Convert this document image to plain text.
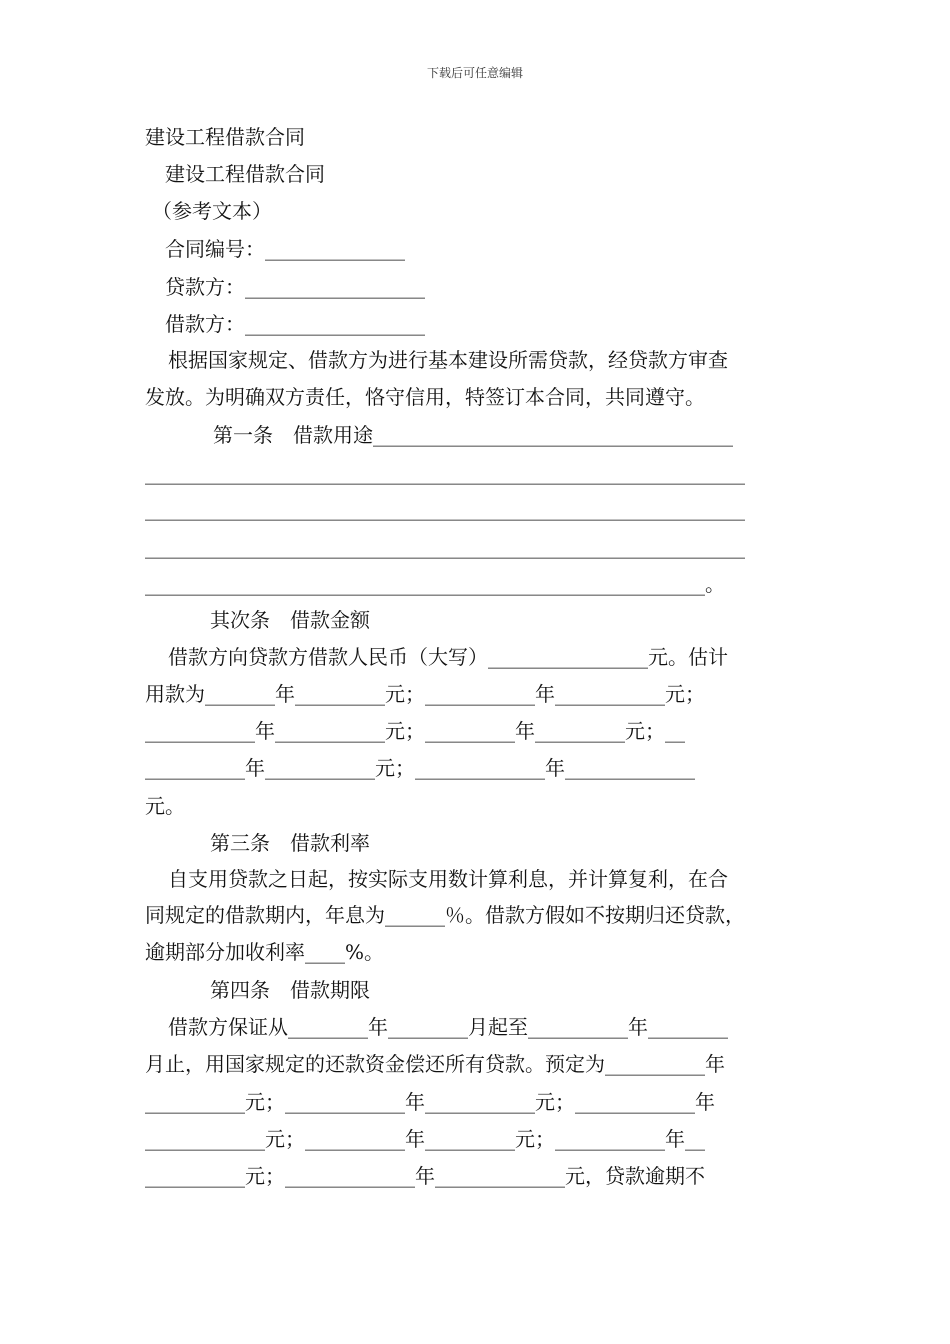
下载后可任意编辑
建设工程借款合同
建设工程借款合同
（参考文本）
合同编号：______________
贷款方：__________________
借款方：__________________
根据国家规定、借款方为进行基本建设所需贷款，经贷款方审查
发放。为明确双方责任，恪守信用，特签订本合同，共同遵守。
第一条　借款用途____________________________________
____________________________________________________________
____________________________________________________________
____________________________________________________________
________________________________________________________。
其次条　借款金额
借款方向贷款方借款人民币（大写）________________元。估计
用款为_______年_________元；___________年___________元；
___________年___________元；_________年_________元；__
__________年___________元；_____________年_____________
元。
第三条　借款利率
自支用贷款之日起，按实际支用数计算利息，并计算复利，在合
同规定的借款期内，年息为______％。借款方假如不按期归还贷款，
逾期部分加收利率____%。
第四条　借款期限
借款方保证从________年________月起至__________年________
月止，用国家规定的还款资金偿还所有贷款。预定为__________年
__________元；____________年___________元；____________年
____________元；__________年_________元；___________年__
__________元；_____________年_____________元，贷款逾期不
